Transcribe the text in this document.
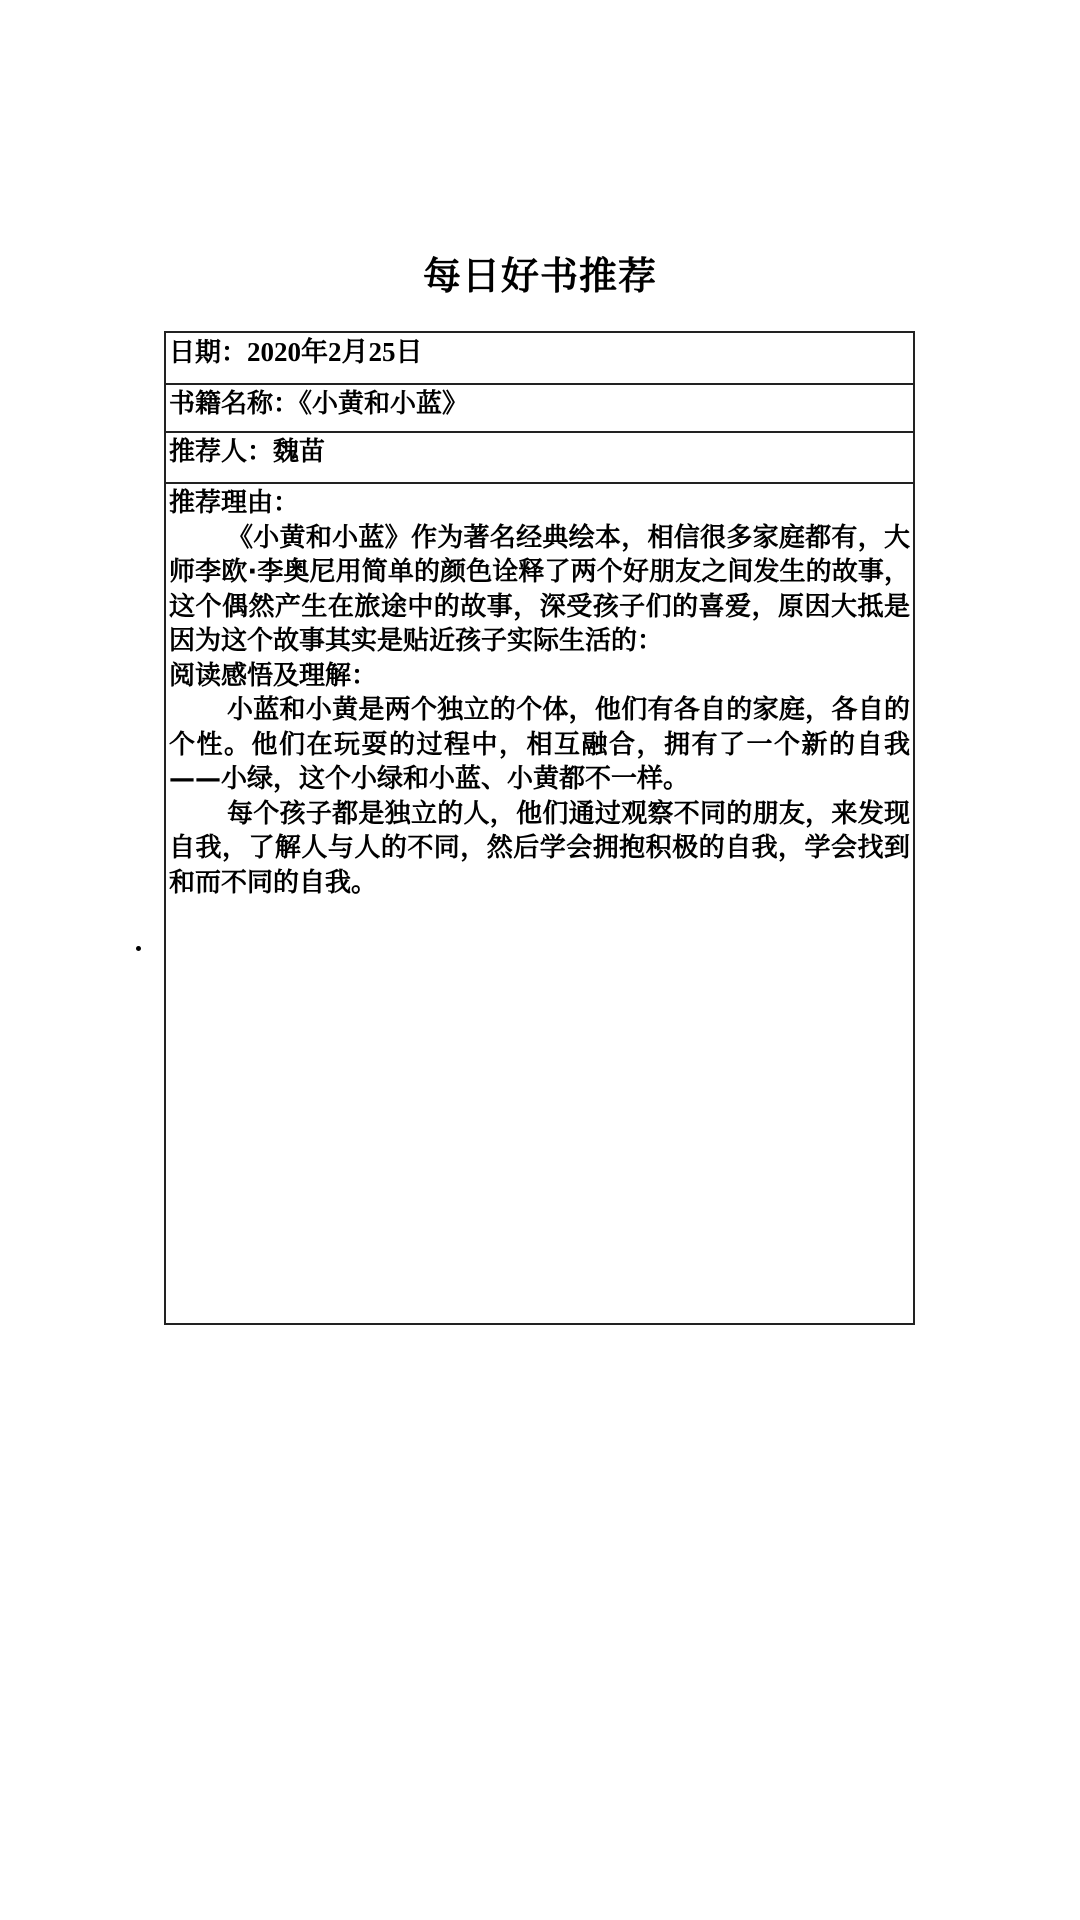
每日好书推荐
日期：2020年2月25日
书籍名称：《小黄和小蓝》
推荐人：魏苗

推荐理由：

《小黄和小蓝》作为著名经典绘本，相信很多家庭都有，大师李欧·李奥尼用简单的颜色诠释了两个好朋友之间发生的故事，这个偶然产生在旅途中的故事，深受孩子们的喜爱，原因大抵是因为这个故事其实是贴近孩子实际生活的：

阅读感悟及理解：

小蓝和小黄是两个独立的个体，他们有各自的家庭，各自的个性。他们在玩耍的过程中，相互融合，拥有了一个新的自我——小绿，这个小绿和小蓝、小黄都不一样。

每个孩子都是独立的人，他们通过观察不同的朋友，来发现自我，了解人与人的不同，然后学会拥抱积极的自我，学会找到和而不同的自我。
